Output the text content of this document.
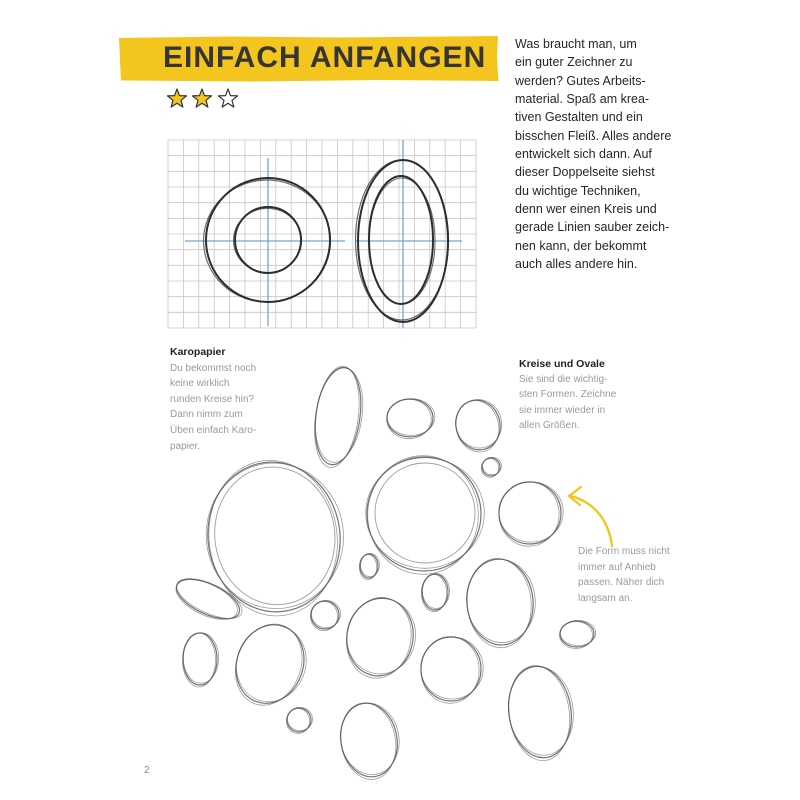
EINFACH ANFANGEN Was braucht man, um
ein guter Zeichner zu
werden? Gutes Arbeits-
material. Spaß am krea-
tiven Gestalten und ein
bisschen Fleiß. Alles andere
entwickelt sich dann. Auf
dieser Doppelseite siehst
du wichtige Techniken,
denn wer einen Kreis und
gerade Linien sauber zeich-
nen kann, der bekommt
auch alles andere hin.
Karopapier
Du bekommst noch
keine wirklich
runden Kreise hin?
Dann nimm zum
Üben einfach Karo-
papier.
Kreise und Ovale
Sie sind die wichtig-
sten Formen. Zeichne
sie immer wieder in
allen Größen.
Die Form muss nicht
immer auf Anhieb
passen. Näher dich
langsam an.
2
